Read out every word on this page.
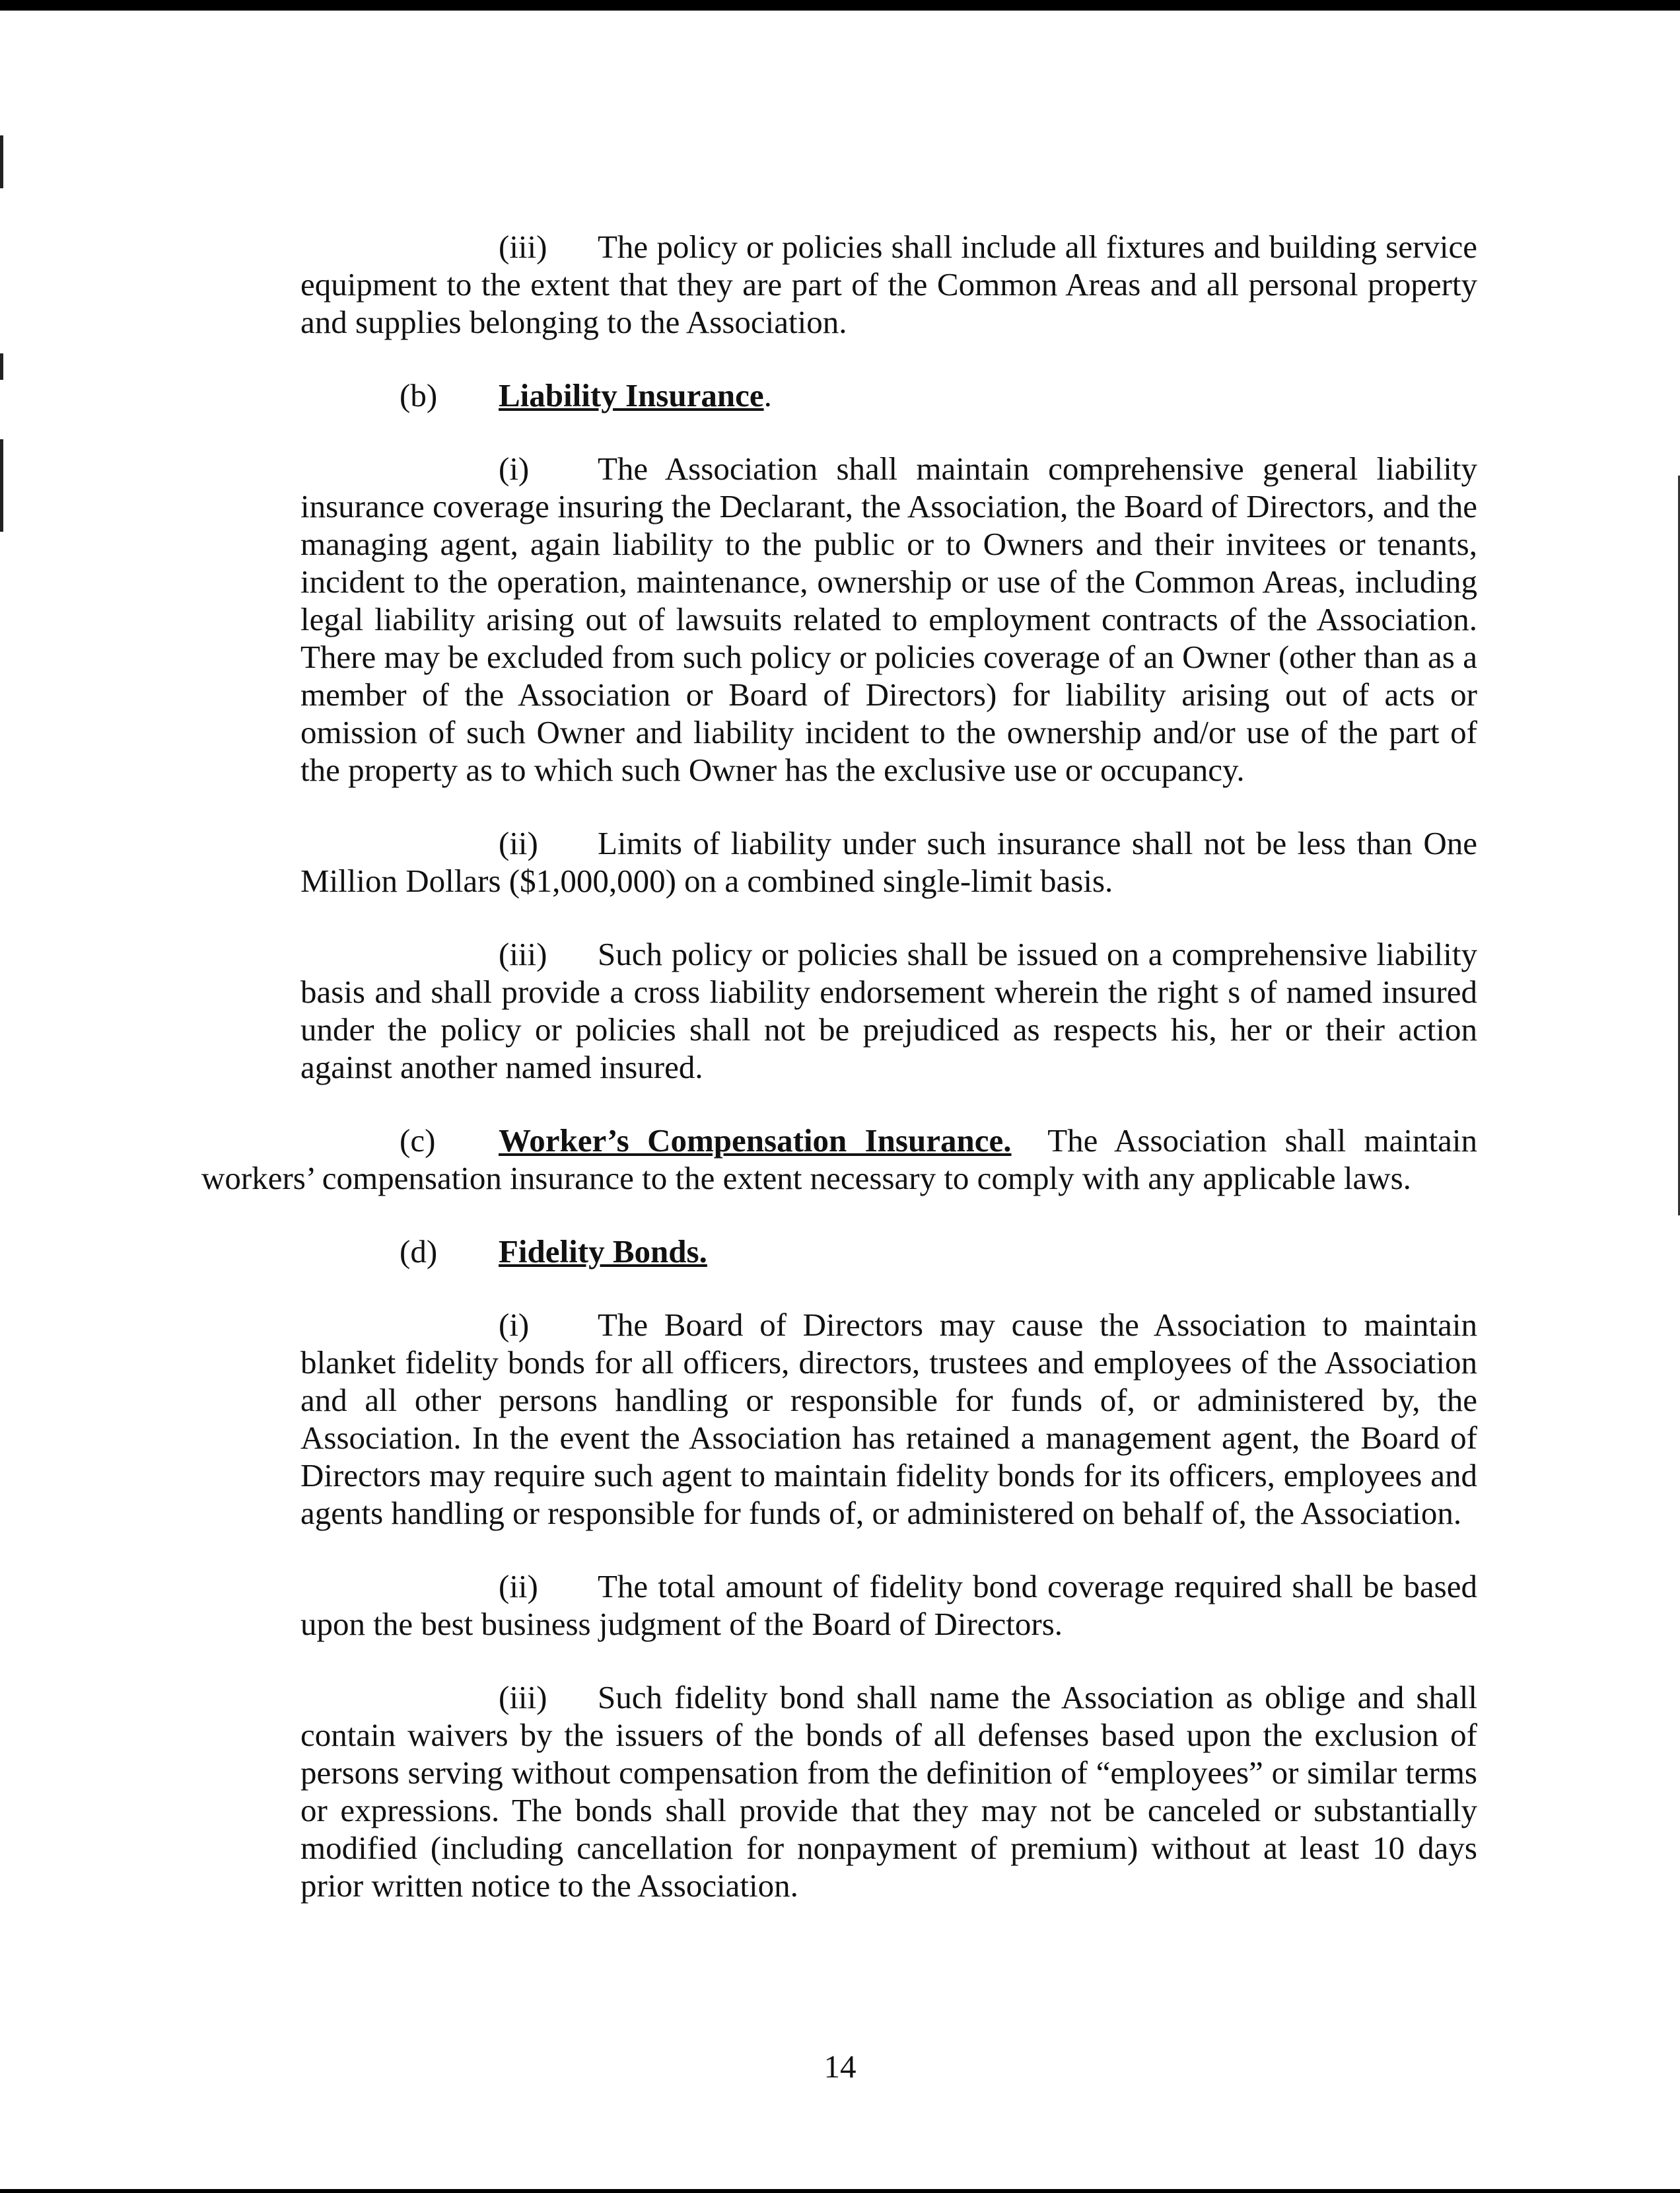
(iii) The policy or policies shall include all fixtures and building service equipment to the extent that they are part of the Common Areas and all personal property and supplies belonging to the Association.

(b) Liability Insurance.

(i) The Association shall maintain comprehensive general liability insurance coverage insuring the Declarant, the Association, the Board of Directors, and the managing agent, again liability to the public or to Owners and their invitees or tenants, incident to the operation, maintenance, ownership or use of the Common Areas, including legal liability arising out of lawsuits related to employment contracts of the Association. There may be excluded from such policy or policies coverage of an Owner (other than as a member of the Association or Board of Directors) for liability arising out of acts or omission of such Owner and liability incident to the ownership and/or use of the part of the property as to which such Owner has the exclusive use or occupancy.

(ii) Limits of liability under such insurance shall not be less than One Million Dollars ($1,000,000) on a combined single-limit basis.

(iii) Such policy or policies shall be issued on a comprehensive liability basis and shall provide a cross liability endorsement wherein the right s of named insured under the policy or policies shall not be prejudiced as respects his, her or their action against another named insured.

(c) Worker’s Compensation Insurance. The Association shall maintain workers’ compensation insurance to the extent necessary to comply with any applicable laws.

(d) Fidelity Bonds.

(i) The Board of Directors may cause the Association to maintain blanket fidelity bonds for all officers, directors, trustees and employees of the Association and all other persons handling or responsible for funds of, or administered by, the Association. In the event the Association has retained a management agent, the Board of Directors may require such agent to maintain fidelity bonds for its officers, employees and agents handling or responsible for funds of, or administered on behalf of, the Association.

(ii) The total amount of fidelity bond coverage required shall be based upon the best business judgment of the Board of Directors.

(iii) Such fidelity bond shall name the Association as oblige and shall contain waivers by the issuers of the bonds of all defenses based upon the exclusion of persons serving without compensation from the definition of “employees” or similar terms or expressions. The bonds shall provide that they may not be canceled or substantially modified (including cancellation for nonpayment of premium) without at least 10 days prior written notice to the Association.

14
